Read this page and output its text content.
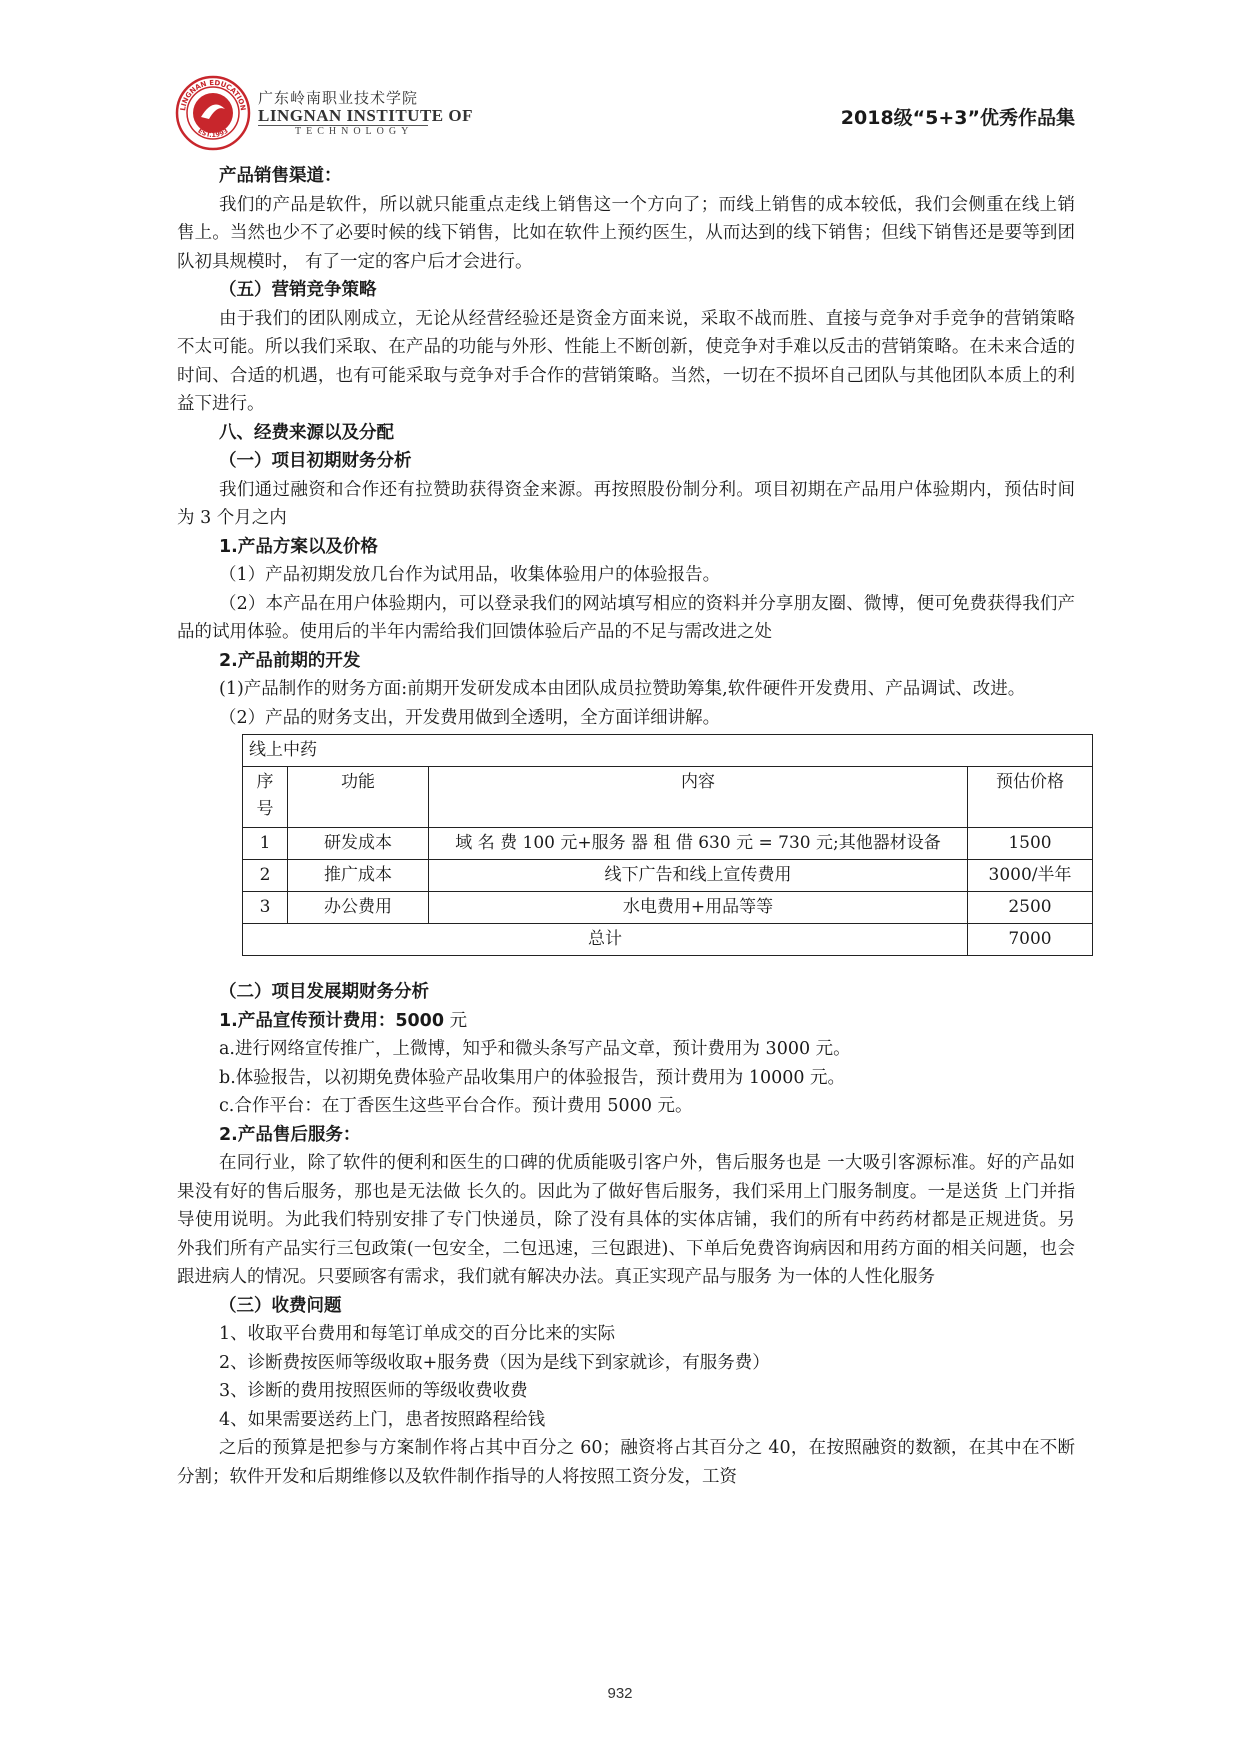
LINGNAN EDUCATION
EST.1993
广东岭南职业技术学院
LINGNAN INSTITUTE OF
TECHNOLOGY
2018级“5+3”优秀作品集

产品销售渠道：

我们的产品是软件，所以就只能重点走线上销售这一个方向了；而线上销售的成本较低，我们会侧重在线上销售上。当然也少不了必要时候的线下销售，比如在软件上预约医生，从而达到的线下销售；但线下销售还是要等到团队初具规模时， 有了一定的客户后才会进行。

（五）营销竞争策略

由于我们的团队刚成立，无论从经营经验还是资金方面来说，采取不战而胜、直接与竞争对手竞争的营销策略不太可能。所以我们采取、在产品的功能与外形、性能上不断创新，使竞争对手难以反击的营销策略。在未来合适的时间、合适的机遇，也有可能采取与竞争对手合作的营销策略。当然，一切在不损坏自己团队与其他团队本质上的利益下进行。

八、经费来源以及分配

（一）项目初期财务分析

我们通过融资和合作还有拉赞助获得资金来源。再按照股份制分利。项目初期在产品用户体验期内，预估时间为 3 个月之内

1.产品方案以及价格

（1）产品初期发放几台作为试用品，收集体验用户的体验报告。

（2）本产品在用户体验期内，可以登录我们的网站填写相应的资料并分享朋友圈、微博，便可免费获得我们产品的试用体验。使用后的半年内需给我们回馈体验后产品的不足与需改进之处

2.产品前期的开发

(1)产品制作的财务方面:前期开发研发成本由团队成员拉赞助筹集,软件硬件开发费用、产品调试、改进。

（2）产品的财务支出，开发费用做到全透明，全方面详细讲解。

线上中药			
序号	功能	内容	预估价格
1	研发成本	域 名 费 100 元+服务 器 租 借 630 元 = 730 元;其他器材设备	1500
2	推广成本	线下广告和线上宣传费用	3000/半年
3	办公费用	水电费用+用品等等	2500
总计			7000

（二）项目发展期财务分析

1.产品宣传预计费用：5000 元

a.进行网络宣传推广，上微博，知乎和微头条写产品文章，预计费用为 3000 元。

b.体验报告，以初期免费体验产品收集用户的体验报告，预计费用为 10000 元。

c.合作平台：在丁香医生这些平台合作。预计费用 5000 元。

2.产品售后服务：

在同行业，除了软件的便利和医生的口碑的优质能吸引客户外，售后服务也是 一大吸引客源标准。好的产品如果没有好的售后服务，那也是无法做 长久的。因此为了做好售后服务，我们采用上门服务制度。一是送货 上门并指导使用说明。为此我们特别安排了专门快递员，除了没有具体的实体店铺，我们的所有中药药材都是正规进货。另 外我们所有产品实行三包政策(一包安全，二包迅速，三包跟进)、下单后免费咨询病因和用药方面的相关问题，也会跟进病人的情况。只要顾客有需求，我们就有解决办法。真正实现产品与服务 为一体的人性化服务

（三）收费问题

1、收取平台费用和每笔订单成交的百分比来的实际

2、诊断费按医师等级收取+服务费（因为是线下到家就诊，有服务费）

3、诊断的费用按照医师的等级收费收费

4、如果需要送药上门，患者按照路程给钱

之后的预算是把参与方案制作将占其中百分之 60；融资将占其百分之 40，在按照融资的数额，在其中在不断分割；软件开发和后期维修以及软件制作指导的人将按照工资分发，工资

932
